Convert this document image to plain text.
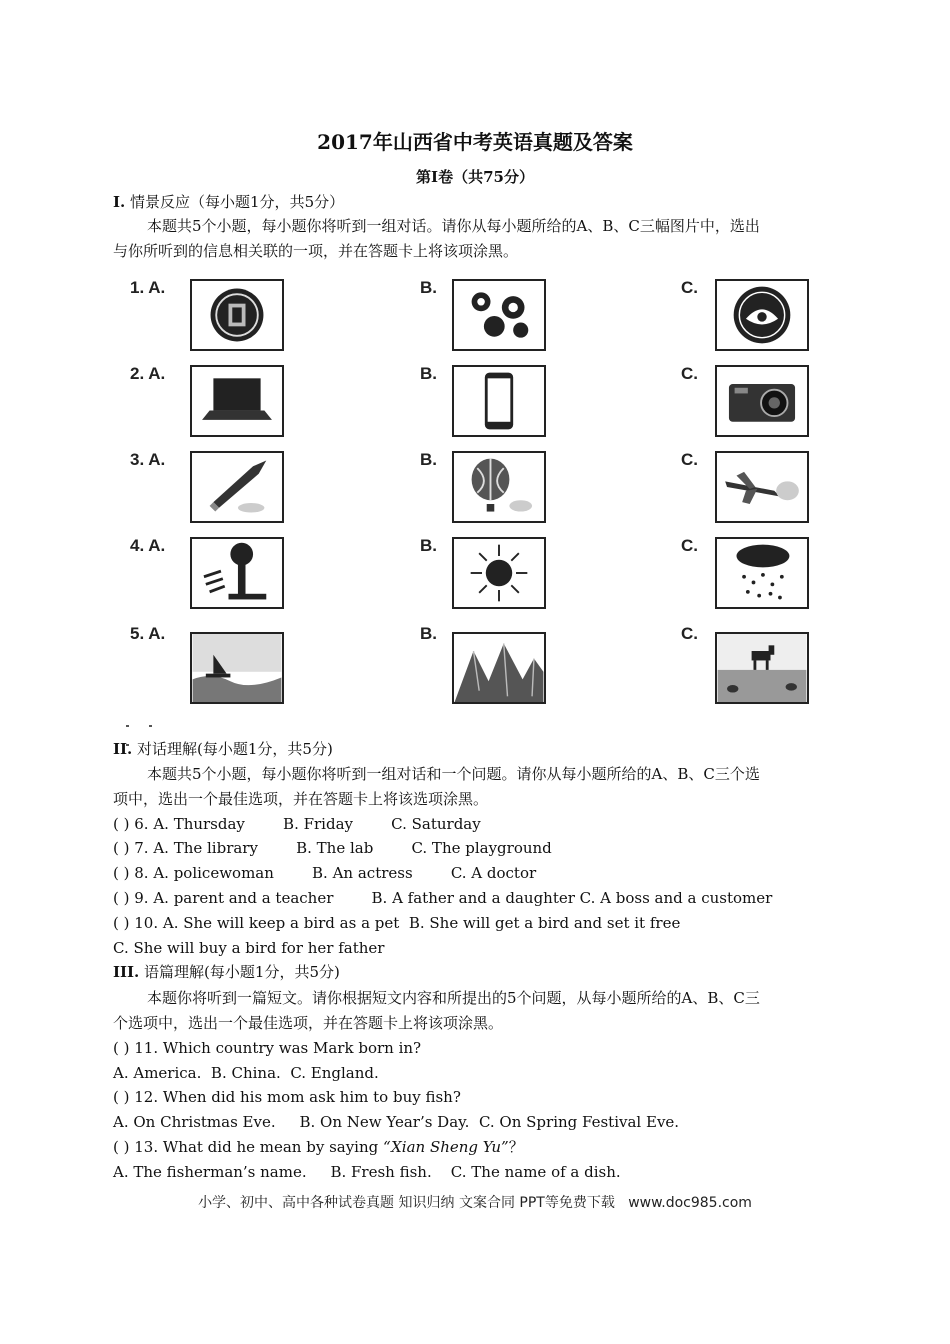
2017年山西省中考英语真题及答案
第Ⅰ卷（共75分）
I. 情景反应（每小题1分，共5分）
本题共5个小题，每小题你将听到一组对话。请你从每小题所给的A、B、C三幅图片中，选出
与你所听到的信息相关联的一项，并在答题卡上将该项涂黑。
1. A.	B.	C.
2. A.	B.	C.
3. A.	B.	C.
4. A.	B.	C.
5. A.	B.	C.
II. 对话理解(每小题1分，共5分)
本题共5个小题，每小题你将听到一组对话和一个问题。请你从每小题所给的A、B、C三个选
项中，选出一个最佳选项，并在答题卡上将该选项涂黑。
( ) 6. A. Thursday        B. Friday        C. Saturday
( ) 7. A. The library        B. The lab        C. The playground
( ) 8. A. policewoman        B. An actress        C. A doctor
( ) 9. A. parent and a teacher        B. A father and a daughter C. A boss and a customer
( ) 10. A. She will keep a bird as a pet  B. She will get a bird and set it free
C. She will buy a bird for her father
III. 语篇理解(每小题1分，共5分)
本题你将听到一篇短文。请你根据短文内容和所提出的5个问题，从每小题所给的A、B、C三
个选项中，选出一个最佳选项，并在答题卡上将该项涂黑。
( ) 11. Which country was Mark born in?
A. America.  B. China.  C. England.
( ) 12. When did his mom ask him to buy fish?
A. On Christmas Eve.     B. On New Year’s Day.  C. On Spring Festival Eve.
( ) 13. What did he mean by saying “Xian Sheng Yu”？
A. The fisherman’s name.     B. Fresh fish.    C. The name of a dish.
小学、初中、高中各种试卷真题 知识归纳 文案合同 PPT等免费下载   www.doc985.com
